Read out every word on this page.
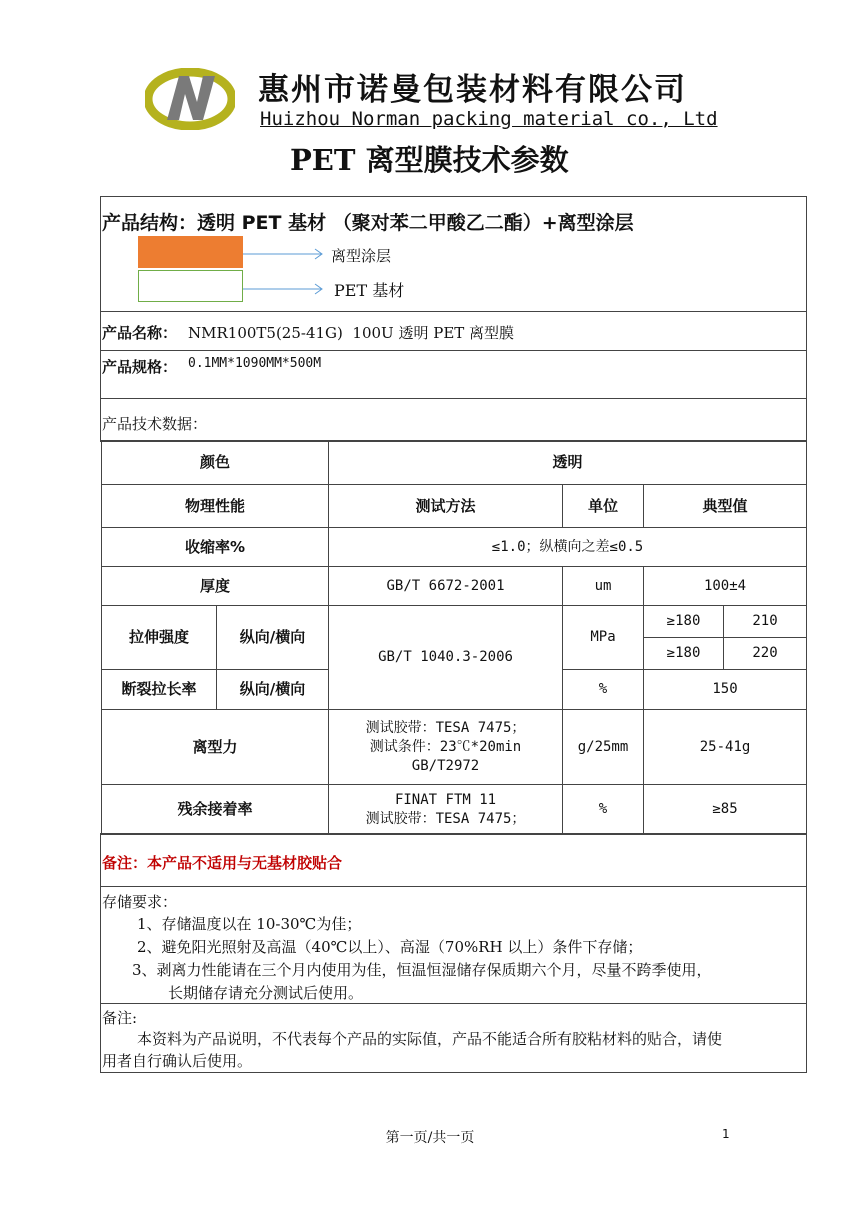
惠州市诺曼包装材料有限公司
Huizhou Norman packing material co., Ltd
PET 离型膜技术参数
产品结构：透明 PET 基材 （聚对苯二甲酸乙二酯）+离型涂层
离型涂层
PET 基材
产品名称： NMR100T5(25-41G)  100U 透明 PET 离型膜
产品规格： 0.1MM*1090MM*500M
产品技术数据：
颜色		透明			
物理性能		测试方法	单位	典型值	
收缩率%		≤1.0；纵横向之差≤0.5			
厚度		GB/T 6672-2001	um	100±4	
拉伸强度	纵向/横向	GB/T 1040.3-2006	MPa	≥180	210
				≥180	220
断裂拉长率	纵向/横向		%	150	
离型力		测试胶带：TESA 7475；
测试条件：23℃*20min
GB/T2972	g/25mm	25-41g	
残余接着率		FINAT FTM 11
测试胶带：TESA 7475；	%	≥85	
备注：本产品不适用与无基材胶贴合
存储要求：
1、存储温度以在 10-30℃为佳；
2、避免阳光照射及高温（40℃以上）、高湿（70%RH 以上）条件下存储；
3、剥离力性能请在三个月内使用为佳，恒温恒湿储存保质期六个月，尽量不跨季使用，
长期储存请充分测试后使用。
备注:
本资料为产品说明，不代表每个产品的实际值，产品不能适合所有胶粘材料的贴合，请使
用者自行确认后使用。
第一页/共一页	1
